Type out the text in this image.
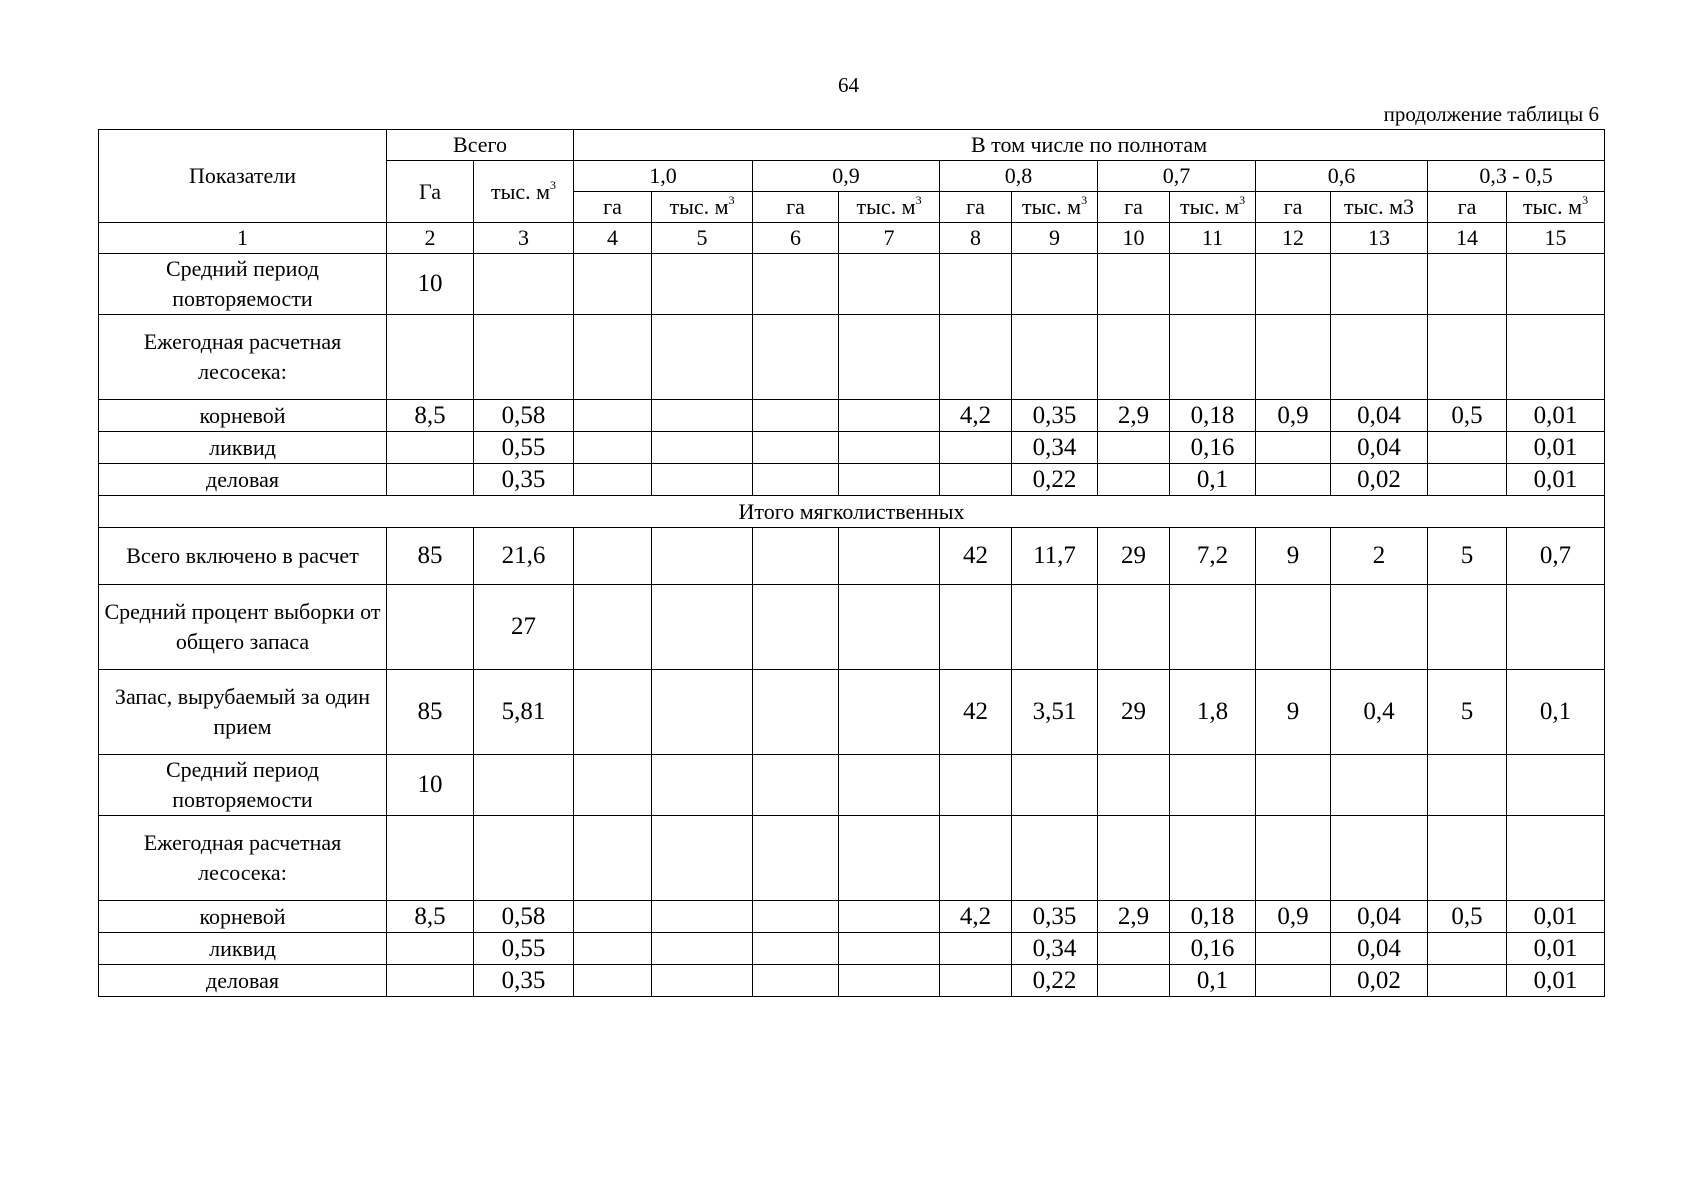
64
продолжение таблицы 6
Показатели	Всего		В том числе по полнотам											
	Га	тыс. $м^3$	1,0		0,9		0,8		0,7		0,6		0,3 - 0,5	
			га	тыс. $м^3$	га	тыс. $м^3$	га	тыс. $м^3$	га	тыс. $м^3$	га	тыс. м3	га	тыс. $м^3$
1	2	3	4	5	6	7	8	9	10	11	12	13	14	15
Средний период повторяемости	10													
Ежегодная расчетная лесосека:														
корневой	8,5	0,58					4,2	0,35	2,9	0,18	0,9	0,04	0,5	0,01
ликвид		0,55						0,34		0,16		0,04		0,01
деловая		0,35						0,22		0,1		0,02		0,01
Итого мягколиственных														
Всего включено в расчет	85	21,6					42	11,7	29	7,2	9	2	5	0,7
Средний процент выборки от общего запаса		27												
Запас, вырубаемый за один прием	85	5,81					42	3,51	29	1,8	9	0,4	5	0,1
Средний период повторяемости	10													
Ежегодная расчетная лесосека:														
корневой	8,5	0,58					4,2	0,35	2,9	0,18	0,9	0,04	0,5	0,01
ликвид		0,55						0,34		0,16		0,04		0,01
деловая		0,35						0,22		0,1		0,02		0,01
